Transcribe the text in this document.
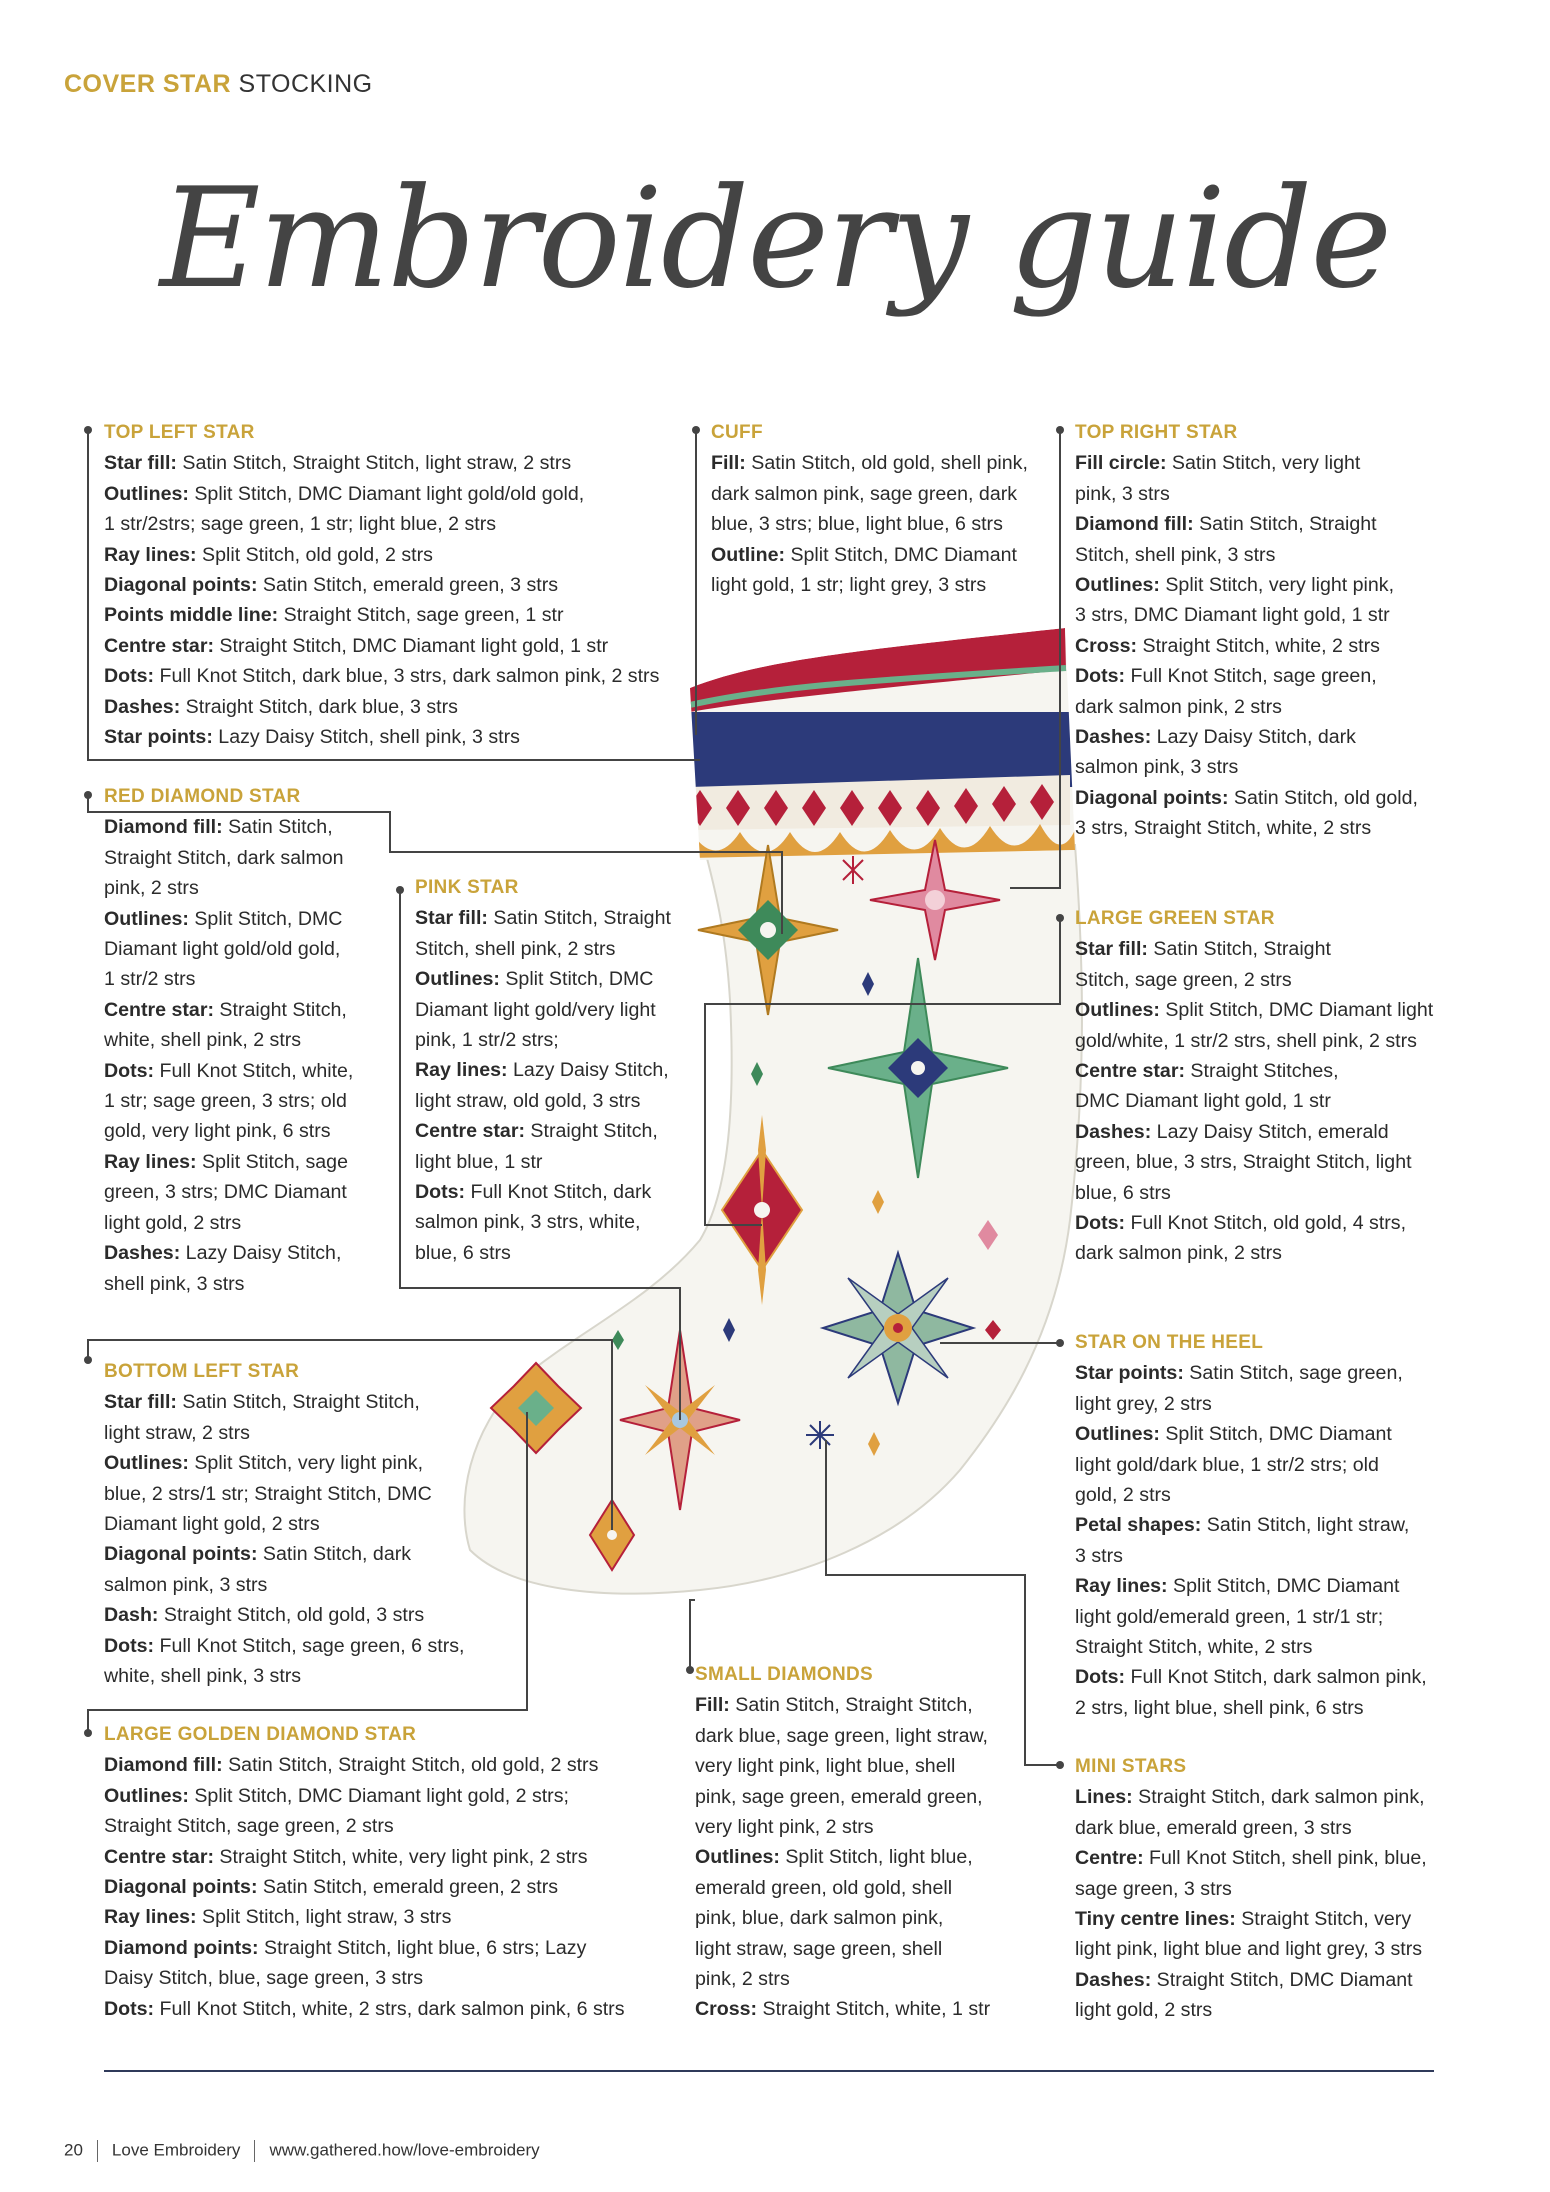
COVER STAR STOCKING
Embroidery guide
TOP LEFT STAR
Star fill: Satin Stitch, Straight Stitch, light straw, 2 strs
Outlines: Split Stitch, DMC Diamant light gold/old gold,
1 str/2strs; sage green, 1 str; light blue, 2 strs
Ray lines: Split Stitch, old gold, 2 strs
Diagonal points: Satin Stitch, emerald green, 3 strs
Points middle line: Straight Stitch, sage green, 1 str
Centre star: Straight Stitch, DMC Diamant light gold, 1 str
Dots: Full Knot Stitch, dark blue, 3 strs, dark salmon pink, 2 strs
Dashes: Straight Stitch, dark blue, 3 strs
Star points: Lazy Daisy Stitch, shell pink, 3 strs
CUFF
Fill: Satin Stitch, old gold, shell pink,
dark salmon pink, sage green, dark
blue, 3 strs; blue, light blue, 6 strs
Outline: Split Stitch, DMC Diamant
light gold, 1 str; light grey, 3 strs
TOP RIGHT STAR
Fill circle: Satin Stitch, very light
pink, 3 strs
Diamond fill: Satin Stitch, Straight
Stitch, shell pink, 3 strs
Outlines: Split Stitch, very light pink,
3 strs, DMC Diamant light gold, 1 str
Cross: Straight Stitch, white, 2 strs
Dots: Full Knot Stitch, sage green,
dark salmon pink, 2 strs
Dashes: Lazy Daisy Stitch, dark
salmon pink, 3 strs
Diagonal points: Satin Stitch, old gold,
3 strs, Straight Stitch, white, 2 strs
RED DIAMOND STAR
Diamond fill: Satin Stitch,
Straight Stitch, dark salmon
pink, 2 strs
Outlines: Split Stitch, DMC
Diamant light gold/old gold,
1 str/2 strs
Centre star: Straight Stitch,
white, shell pink, 2 strs
Dots: Full Knot Stitch, white,
1 str; sage green, 3 strs; old
gold, very light pink, 6 strs
Ray lines: Split Stitch, sage
green, 3 strs; DMC Diamant
light gold, 2 strs
Dashes: Lazy Daisy Stitch,
shell pink, 3 strs
PINK STAR
Star fill: Satin Stitch, Straight
Stitch, shell pink, 2 strs
Outlines: Split Stitch, DMC
Diamant light gold/very light
pink, 1 str/2 strs;
Ray lines: Lazy Daisy Stitch,
light straw, old gold, 3 strs
Centre star: Straight Stitch,
light blue, 1 str
Dots: Full Knot Stitch, dark
salmon pink, 3 strs, white,
blue, 6 strs
LARGE GREEN STAR
Star fill: Satin Stitch, Straight
Stitch, sage green, 2 strs
Outlines: Split Stitch, DMC Diamant light
gold/white, 1 str/2 strs, shell pink, 2 strs
Centre star: Straight Stitches,
DMC Diamant light gold, 1 str
Dashes: Lazy Daisy Stitch, emerald
green, blue, 3 strs, Straight Stitch, light
blue, 6 strs
Dots: Full Knot Stitch, old gold, 4 strs,
dark salmon pink, 2 strs
STAR ON THE HEEL
Star points: Satin Stitch, sage green,
light grey, 2 strs
Outlines: Split Stitch, DMC Diamant
light gold/dark blue, 1 str/2 strs; old
gold, 2 strs
Petal shapes: Satin Stitch, light straw,
3 strs
Ray lines: Split Stitch, DMC Diamant
light gold/emerald green, 1 str/1 str;
Straight Stitch, white, 2 strs
Dots: Full Knot Stitch, dark salmon pink,
2 strs, light blue, shell pink, 6 strs
BOTTOM LEFT STAR
Star fill: Satin Stitch, Straight Stitch,
light straw, 2 strs
Outlines: Split Stitch, very light pink,
blue, 2 strs/1 str; Straight Stitch, DMC
Diamant light gold, 2 strs
Diagonal points: Satin Stitch, dark
salmon pink, 3 strs
Dash: Straight Stitch, old gold, 3 strs
Dots: Full Knot Stitch, sage green, 6 strs,
white, shell pink, 3 strs
LARGE GOLDEN DIAMOND STAR
Diamond fill: Satin Stitch, Straight Stitch, old gold, 2 strs
Outlines: Split Stitch, DMC Diamant light gold, 2 strs;
Straight Stitch, sage green, 2 strs
Centre star: Straight Stitch, white, very light pink, 2 strs
Diagonal points: Satin Stitch, emerald green, 2 strs
Ray lines: Split Stitch, light straw, 3 strs
Diamond points: Straight Stitch, light blue, 6 strs; Lazy
Daisy Stitch, blue, sage green, 3 strs
Dots: Full Knot Stitch, white, 2 strs, dark salmon pink, 6 strs
SMALL DIAMONDS
Fill: Satin Stitch, Straight Stitch,
dark blue, sage green, light straw,
very light pink, light blue, shell
pink, sage green, emerald green,
very light pink, 2 strs
Outlines: Split Stitch, light blue,
emerald green, old gold, shell
pink, blue, dark salmon pink,
light straw, sage green, shell
pink, 2 strs
Cross: Straight Stitch, white, 1 str
MINI STARS
Lines: Straight Stitch, dark salmon pink,
dark blue, emerald green, 3 strs
Centre: Full Knot Stitch, shell pink, blue,
sage green, 3 strs
Tiny centre lines: Straight Stitch, very
light pink, light blue and light grey, 3 strs
Dashes: Straight Stitch, DMC Diamant
light gold, 2 strs
20 Love Embroidery www.gathered.how/love-embroidery
